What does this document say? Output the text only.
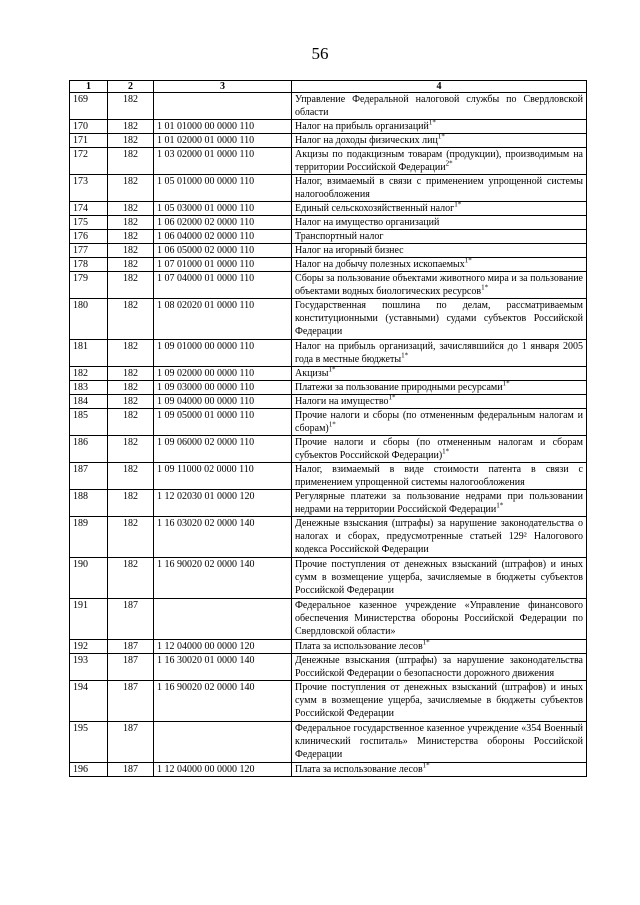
56
1	2	3	4
169	182		Управление Федеральной налоговой службы по Свердловской области
170	182	1 01 01000 00 0000 110	Налог на прибыль организаций$^{1*}$
171	182	1 01 02000 01 0000 110	Налог на доходы физических лиц$^{1*}$
172	182	1 03 02000 01 0000 110	Акцизы по подакцизным товарам (продукции), производимым на территории Российской Федерации$^{2*}$
173	182	1 05 01000 00 0000 110	Налог, взимаемый в связи с применением упрощенной системы налогообложения
174	182	1 05 03000 01 0000 110	Единый сельскохозяйственный налог$^{1*}$
175	182	1 06 02000 02 0000 110	Налог на имущество организаций
176	182	1 06 04000 02 0000 110	Транспортный налог
177	182	1 06 05000 02 0000 110	Налог на игорный бизнес
178	182	1 07 01000 01 0000 110	Налог на добычу полезных ископаемых$^{1*}$
179	182	1 07 04000 01 0000 110	Сборы за пользование объектами животного мира и за пользование объектами водных биологических ресурсов$^{1*}$
180	182	1 08 02020 01 0000 110	Государственная пошлина по делам, рассматриваемым конституционными (уставными) судами субъектов Российской Федерации
181	182	1 09 01000 00 0000 110	Налог на прибыль организаций, зачислявшийся до 1 января 2005 года в местные бюджеты$^{1*}$
182	182	1 09 02000 00 0000 110	Акцизы$^{1*}$
183	182	1 09 03000 00 0000 110	Платежи за пользование природными ресурсами$^{1*}$
184	182	1 09 04000 00 0000 110	Налоги на имущество$^{1*}$
185	182	1 09 05000 01 0000 110	Прочие налоги и сборы (по отмененным федеральным налогам и сборам)$^{1*}$
186	182	1 09 06000 02 0000 110	Прочие налоги и сборы (по отмененным налогам и сборам субъектов Российской Федерации)$^{1*}$
187	182	1 09 11000 02 0000 110	Налог, взимаемый в виде стоимости патента в связи с применением упрощенной системы налогообложения
188	182	1 12 02030 01 0000 120	Регулярные платежи за пользование недрами при пользовании недрами на территории Российской Федерации$^{1*}$
189	182	1 16 03020 02 0000 140	Денежные взыскания (штрафы) за нарушение законодательства о налогах и сборах, предусмотренные статьей 129² Налогового кодекса Российской Федерации
190	182	1 16 90020 02 0000 140	Прочие поступления от денежных взысканий (штрафов) и иных сумм в возмещение ущерба, зачисляемые в бюджеты субъектов Российской Федерации
191	187		Федеральное казенное учреждение «Управление финансового обеспечения Министерства обороны Российской Федерации по Свердловской области»
192	187	1 12 04000 00 0000 120	Плата за использование лесов$^{1*}$
193	187	1 16 30020 01 0000 140	Денежные взыскания (штрафы) за нарушение законодательства Российской Федерации о безопасности дорожного движения
194	187	1 16 90020 02 0000 140	Прочие поступления от денежных взысканий (штрафов) и иных сумм в возмещение ущерба, зачисляемые в бюджеты субъектов Российской Федерации
195	187		Федеральное государственное казенное учреждение «354 Военный клинический госпиталь» Министерства обороны Российской Федерации
196	187	1 12 04000 00 0000 120	Плата за использование лесов$^{1*}$
